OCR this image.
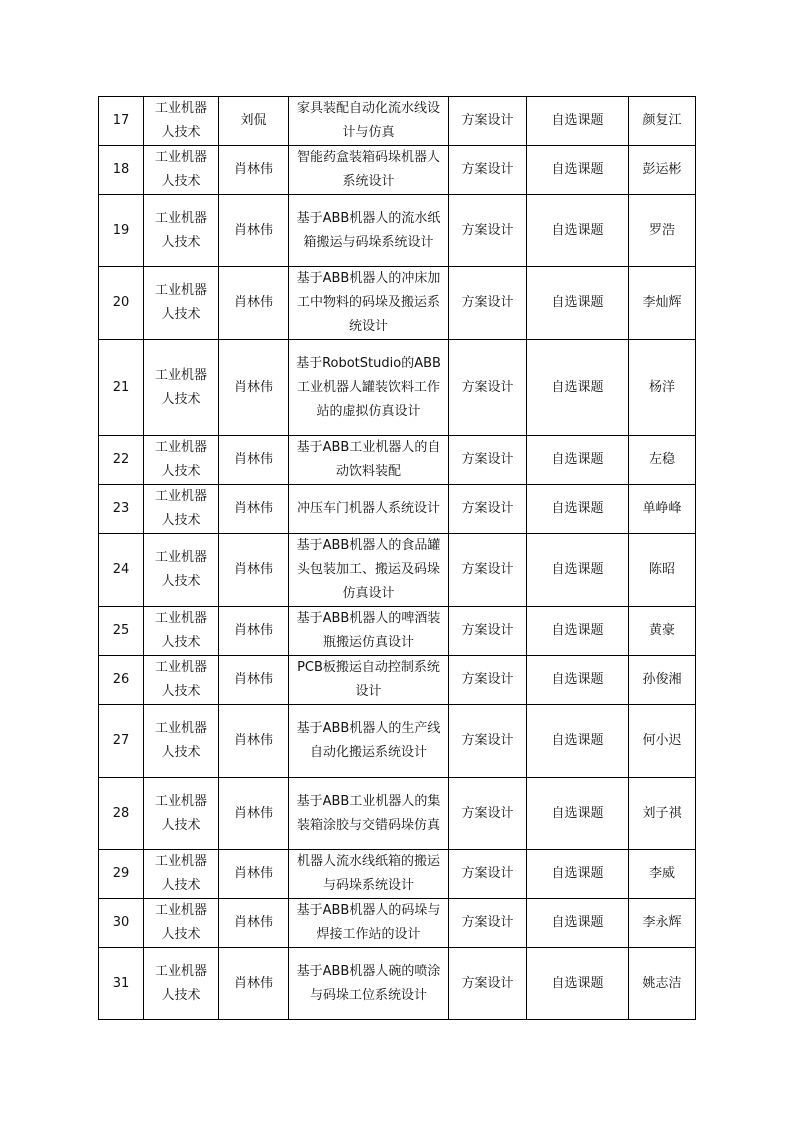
17	工业机器人技术	刘侃	家具装配自动化流水线设计与仿真	方案设计	自选课题	颜复江
18	工业机器人技术	肖林伟	智能药盒装箱码垛机器人系统设计	方案设计	自选课题	彭运彬
19	工业机器人技术	肖林伟	基于ABB机器人的流水纸箱搬运与码垛系统设计	方案设计	自选课题	罗浩
20	工业机器人技术	肖林伟	基于ABB机器人的冲床加工中物料的码垛及搬运系统设计	方案设计	自选课题	李灿辉
21	工业机器人技术	肖林伟	基于RobotStudio的ABB工业机器人罐装饮料工作站的虚拟仿真设计	方案设计	自选课题	杨洋
22	工业机器人技术	肖林伟	基于ABB工业机器人的自动饮料装配	方案设计	自选课题	左稳
23	工业机器人技术	肖林伟	冲压车门机器人系统设计	方案设计	自选课题	单峥峰
24	工业机器人技术	肖林伟	基于ABB机器人的食品罐头包装加工、搬运及码垛仿真设计	方案设计	自选课题	陈昭
25	工业机器人技术	肖林伟	基于ABB机器人的啤酒装瓶搬运仿真设计	方案设计	自选课题	黄豪
26	工业机器人技术	肖林伟	PCB板搬运自动控制系统设计	方案设计	自选课题	孙俊湘
27	工业机器人技术	肖林伟	基于ABB机器人的生产线自动化搬运系统设计	方案设计	自选课题	何小迟
28	工业机器人技术	肖林伟	基于ABB工业机器人的集装箱涂胶与交错码垛仿真	方案设计	自选课题	刘子祺
29	工业机器人技术	肖林伟	机器人流水线纸箱的搬运与码垛系统设计	方案设计	自选课题	李威
30	工业机器人技术	肖林伟	基于ABB机器人的码垛与焊接工作站的设计	方案设计	自选课题	李永辉
31	工业机器人技术	肖林伟	基于ABB机器人碗的喷涂与码垛工位系统设计	方案设计	自选课题	姚志洁
